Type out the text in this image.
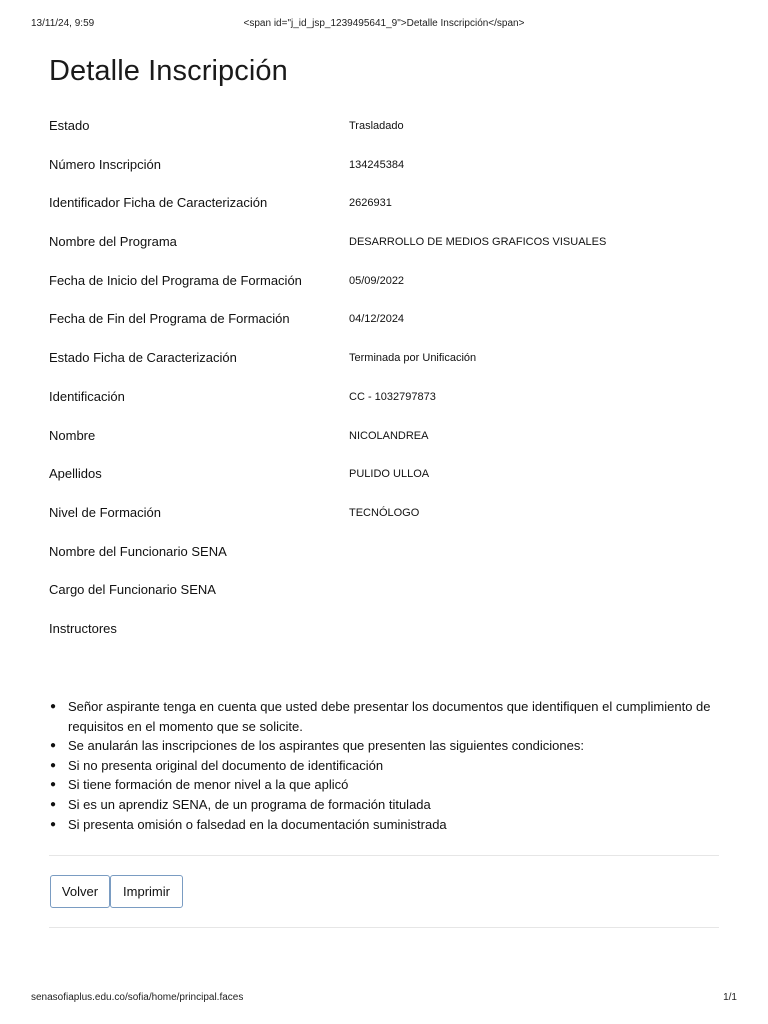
13/11/24, 9:59	<span id="j_id_jsp_1239495641_9">Detalle Inscripción</span>
Detalle Inscripción
Estado	Trasladado
Número Inscripción	134245384
Identificador Ficha de Caracterización	2626931
Nombre del Programa	DESARROLLO DE MEDIOS GRAFICOS VISUALES
Fecha de Inicio del Programa de Formación	05/09/2022
Fecha de Fin del Programa de Formación	04/12/2024
Estado Ficha de Caracterización	Terminada por Unificación
Identificación	CC - 1032797873
Nombre	NICOLANDREA
Apellidos	PULIDO ULLOA
Nivel de Formación	TECNÓLOGO
Nombre del Funcionario SENA
Cargo del Funcionario SENA
Instructores
● Señor aspirante tenga en cuenta que usted debe presentar los documentos que identifiquen el cumplimiento de requisitos en el momento que se solicite.
● Se anularán las inscripciones de los aspirantes que presenten las siguientes condiciones:
● Si no presenta original del documento de identificación
● Si tiene formación de menor nivel a la que aplicó
● Si es un aprendiz SENA, de un programa de formación titulada
● Si presenta omisión o falsedad en la documentación suministrada
Volver	Imprimir
senasofiaplus.edu.co/sofia/home/principal.faces	1/1
